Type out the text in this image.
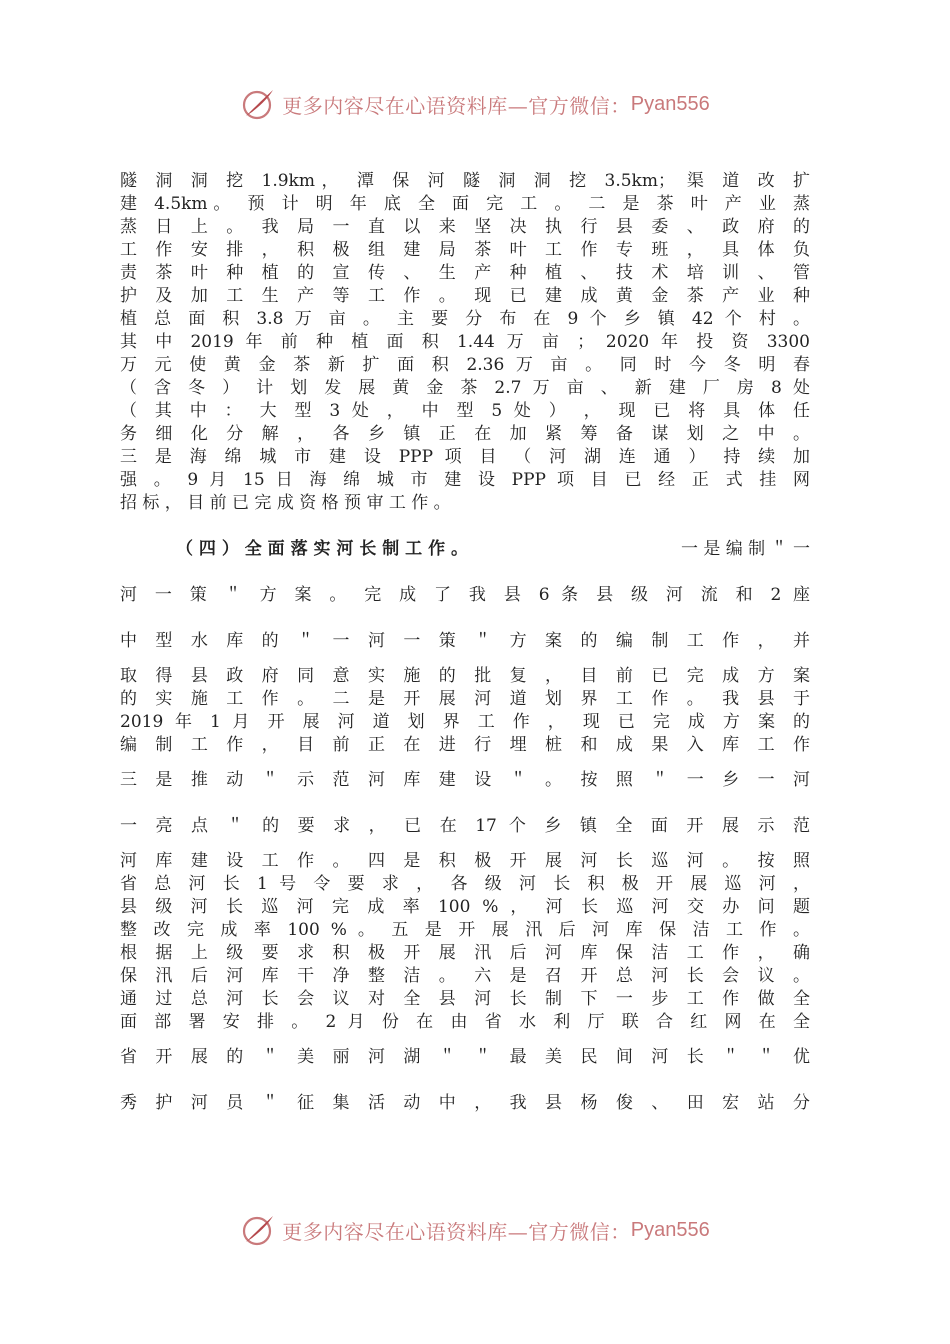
更多内容尽在心语资料库—官方微信： Pyan556
隧 洞 洞 挖 1.9km， 潭 保 河 隧 洞 洞 挖 3.5km； 渠 道 改 扩
建 4.5km。 预 计 明 年 底 全 面 完 工 。 二 是 茶 叶 产 业 蒸
蒸 日 上 。 我 局 一 直 以 来 坚 决 执 行 县 委 、 政 府 的
工 作 安 排 ， 积 极 组 建 局 茶 叶 工 作 专 班 ， 具 体 负
责 茶 叶 种 植 的 宣 传 、 生 产 种 植 、 技 术 培 训 、 管
护 及 加 工 生 产 等 工 作 。 现 已 建 成 黄 金 茶 产 业 种
植 总 面 积 3.8 万 亩 。 主 要 分 布 在 9 个 乡 镇 42 个 村 。
其 中 2019 年 前 种 植 面 积 1.44 万 亩 ； 2020 年 投 资 3300
万 元 使 黄 金 茶 新 扩 面 积 2.36 万 亩 。 同 时 今 冬 明 春
（ 含 冬 ） 计 划 发 展 黄 金 茶 2.7 万 亩 、 新 建 厂 房 8 处
（ 其 中 ： 大 型 3 处 ， 中 型 5 处 ） ， 现 已 将 具 体 任
务 细 化 分 解 ， 各 乡 镇 正 在 加 紧 筹 备 谋 划 之 中 。
三 是 海 绵 城 市 建 设 PPP 项 目 （ 河 湖 连 通 ） 持 续 加
强 。 9 月 15 日 海 绵 城 市 建 设 PPP 项 目 已 经 正 式 挂 网
招 标 ， 目 前 已 完 成 资 格 预 审 工 作 。
（ 四 ） 全 面 落 实 河 长 制 工 作 。	一 是 编 制 ＂ 一
河 一 策 ＂ 方 案 。 完 成 了 我 县 6 条 县 级 河 流 和 2 座
中 型 水 库 的 ＂ 一 河 一 策 ＂ 方 案 的 编 制 工 作 ， 并
取 得 县 政 府 同 意 实 施 的 批 复 ， 目 前 已 完 成 方 案
的 实 施 工 作 。 二 是 开 展 河 道 划 界 工 作 。 我 县 于
2019 年 1 月 开 展 河 道 划 界 工 作 ， 现 已 完 成 方 案 的
编 制 工 作 ， 目 前 正 在 进 行 埋 桩 和 成 果 入 库 工 作
三 是 推 动 ＂ 示 范 河 库 建 设 ＂ 。 按 照 ＂ 一 乡 一 河
一 亮 点 ＂ 的 要 求 ， 已 在 17 个 乡 镇 全 面 开 展 示 范
河 库 建 设 工 作 。 四 是 积 极 开 展 河 长 巡 河 。 按 照
省 总 河 长 1 号 令 要 求 ， 各 级 河 长 积 极 开 展 巡 河 ，
县 级 河 长 巡 河 完 成 率 100 % ， 河 长 巡 河 交 办 问 题
整 改 完 成 率 100 % 。 五 是 开 展 汛 后 河 库 保 洁 工 作 。
根 据 上 级 要 求 积 极 开 展 汛 后 河 库 保 洁 工 作 ， 确
保 汛 后 河 库 干 净 整 洁 。 六 是 召 开 总 河 长 会 议 。
通 过 总 河 长 会 议 对 全 县 河 长 制 下 一 步 工 作 做 全
面 部 署 安 排 。 2 月 份 在 由 省 水 利 厅 联 合 红 网 在 全
省 开 展 的 ＂ 美 丽 河 湖 ＂ ＂ 最 美 民 间 河 长 ＂ ＂ 优
秀 护 河 员 ＂ 征 集 活 动 中 ， 我 县 杨 俊 、 田 宏 站 分
更多内容尽在心语资料库—官方微信： Pyan556
